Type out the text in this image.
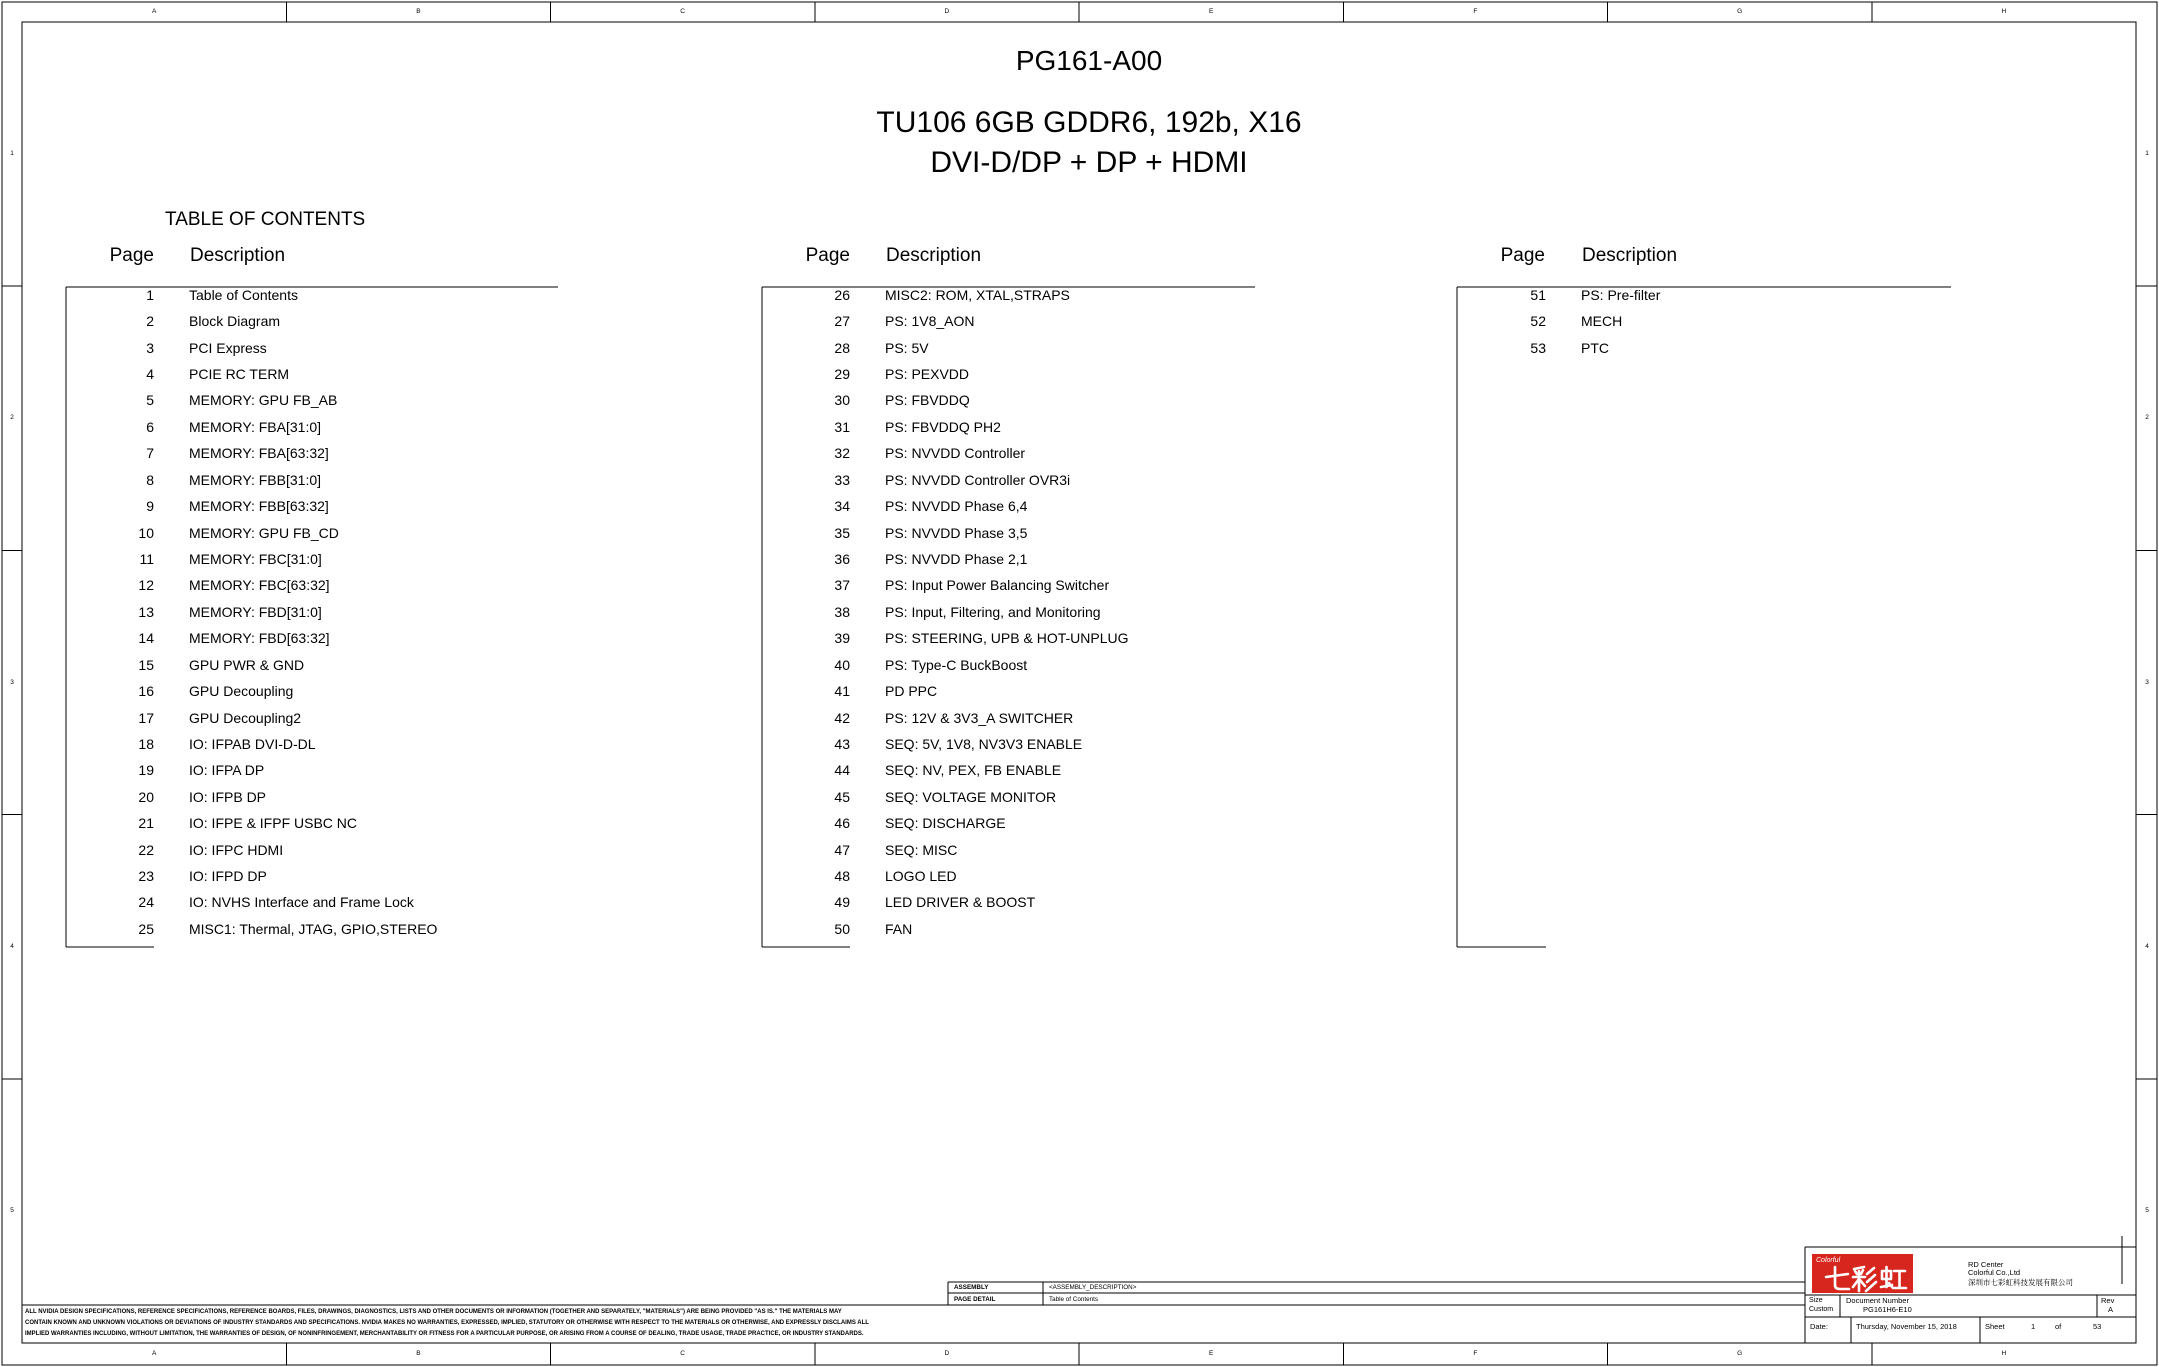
A
A
B
B
C
C
D
D
E
E
F
F
G
G
H
H
1	1
2	2
3	3
4	4
5	5
PG161-A00
TU106 6GB GDDR6, 192b, X16
DVI-D/DP + DP + HDMI
TABLE OF CONTENTS
Page Description	Page Description	Page Description
1	Table of Contents
2	Block Diagram
3	PCI Express
4	PCIE RC TERM
5	MEMORY: GPU FB_AB
6	MEMORY: FBA[31:0]
7	MEMORY: FBA[63:32]
8	MEMORY: FBB[31:0]
9	MEMORY: FBB[63:32]
10	MEMORY: GPU FB_CD
11	MEMORY: FBC[31:0]
12	MEMORY: FBC[63:32]
13	MEMORY: FBD[31:0]
14	MEMORY: FBD[63:32]
15	GPU PWR & GND
16	GPU Decoupling
17	GPU Decoupling2
18	IO: IFPAB DVI-D-DL
19	IO: IFPA DP
20	IO: IFPB DP
21	IO: IFPE & IFPF USBC NC
22	IO: IFPC HDMI
23	IO: IFPD DP
24	IO: NVHS Interface and Frame Lock
25	MISC1: Thermal, JTAG, GPIO,STEREO
26	MISC2: ROM, XTAL,STRAPS
27	PS: 1V8_AON
28	PS: 5V
29	PS: PEXVDD
30	PS: FBVDDQ
31	PS: FBVDDQ PH2
32	PS: NVVDD Controller
33	PS: NVVDD Controller OVR3i
34	PS: NVVDD Phase 6,4
35	PS: NVVDD Phase 3,5
36	PS: NVVDD Phase 2,1
37	PS: Input Power Balancing Switcher
38	PS: Input, Filtering, and Monitoring
39	PS: STEERING, UPB & HOT-UNPLUG
40	PS: Type-C BuckBoost
41	PD PPC
42	PS: 12V & 3V3_A SWITCHER
43	SEQ: 5V, 1V8, NV3V3 ENABLE
44	SEQ: NV, PEX, FB ENABLE
45	SEQ: VOLTAGE MONITOR
46	SEQ: DISCHARGE
47	SEQ: MISC
48	LOGO LED
49	LED DRIVER & BOOST
50	FAN
51	PS: Pre-filter
52	MECH
53	PTC
ASSEMBLY	<ASSEMBLY_DESCRIPTION>
PAGE DETAIL	Table of Contents
ALL NVIDIA DESIGN SPECIFICATIONS, REFERENCE SPECIFICATIONS, REFERENCE BOARDS, FILES, DRAWINGS, DIAGNOSTICS, LISTS AND OTHER DOCUMENTS OR INFORMATION (TOGETHER AND SEPARATELY, "MATERIALS") ARE BEING PROVIDED "AS IS." THE MATERIALS MAY
CONTAIN KNOWN AND UNKNOWN VIOLATIONS OR DEVIATIONS OF INDUSTRY STANDARDS AND SPECIFICATIONS. NVIDIA MAKES NO WARRANTIES, EXPRESSED, IMPLIED, STATUTORY OR OTHERWISE WITH RESPECT TO THE MATERIALS OR OTHERWISE, AND EXPRESSLY DISCLAIMS ALL
IMPLIED WARRANTIES INCLUDING, WITHOUT LIMITATION, THE WARRANTIES OF DESIGN, OF NONINFRINGEMENT, MERCHANTABILITY OR FITNESS FOR A PARTICULAR PURPOSE, OR ARISING FROM A COURSE OF DEALING, TRADE USAGE, TRADE PRACTICE, OR INDUSTRY STANDARDS.
Colorful	RD Center
Colorful Co.,Ltd
深圳市七彩虹科技发展有限公司
Size
Custom
Document Number
PG161H6-E10
Rev
A
Date:	Thursday, November 15, 2018	Sheet	1	of	53
